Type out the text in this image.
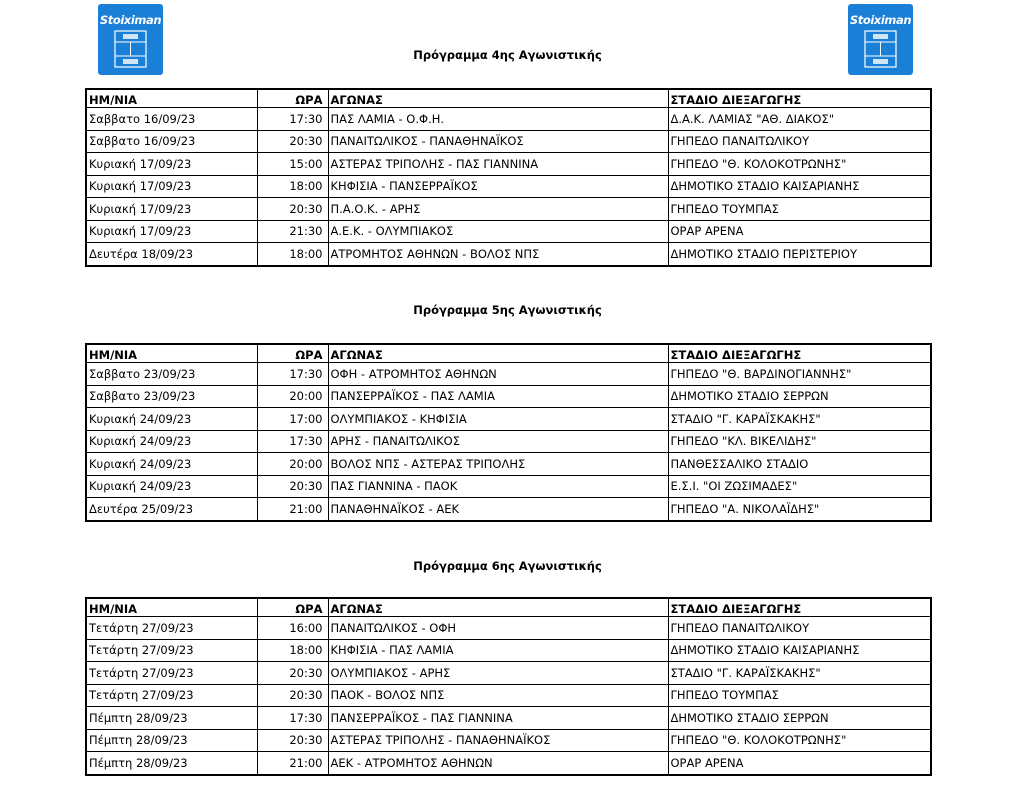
Stoiximan	Stoiximan
Πρόγραμμα 4ης Αγωνιστικής
ΗΜ/ΝΙΑ	ΩΡΑ	ΑΓΩΝΑΣ	ΣΤΑΔΙΟ ΔΙΕΞΑΓΩΓΗΣ
Σαββατο 16/09/23	17:30	ΠΑΣ ΛΑΜΙΑ - Ο.Φ.Η.	Δ.Α.Κ. ΛΑΜΙΑΣ "ΑΘ. ΔΙΑΚΟΣ"
Σαββατο 16/09/23	20:30	ΠΑΝΑΙΤΩΛΙΚΟΣ - ΠΑΝΑΘΗΝΑΪΚΟΣ	ΓΗΠΕΔΟ ΠΑΝΑΙΤΩΛΙΚΟΥ
Κυριακή 17/09/23	15:00	ΑΣΤΕΡΑΣ ΤΡΙΠΟΛΗΣ - ΠΑΣ ΓΙΑΝΝΙΝΑ	ΓΗΠΕΔΟ "Θ. ΚΟΛΟΚΟΤΡΩΝΗΣ"
Κυριακή 17/09/23	18:00	ΚΗΦΙΣΙΑ - ΠΑΝΣΕΡΡΑΪΚΟΣ	ΔΗΜΟΤΙΚΟ ΣΤΑΔΙΟ ΚΑΙΣΑΡΙΑΝΗΣ
Κυριακή 17/09/23	20:30	Π.Α.Ο.Κ. - ΑΡΗΣ	ΓΗΠΕΔΟ ΤΟΥΜΠΑΣ
Κυριακή 17/09/23	21:30	Α.Ε.Κ. - ΟΛΥΜΠΙΑΚΟΣ	ΟΡΑΡ ΑΡΕΝΑ
Δευτέρα 18/09/23	18:00	ΑΤΡΟΜΗΤΟΣ ΑΘΗΝΩΝ - ΒΟΛΟΣ ΝΠΣ	ΔΗΜΟΤΙΚΟ ΣΤΑΔΙΟ ΠΕΡΙΣΤΕΡΙΟΥ
Πρόγραμμα 5ης Αγωνιστικής
ΗΜ/ΝΙΑ	ΩΡΑ	ΑΓΩΝΑΣ	ΣΤΑΔΙΟ ΔΙΕΞΑΓΩΓΗΣ
Σαββατο 23/09/23	17:30	ΟΦΗ - ΑΤΡΟΜΗΤΟΣ ΑΘΗΝΩΝ	ΓΗΠΕΔΟ "Θ. ΒΑΡΔΙΝΟΓΙΑΝΝΗΣ"
Σαββατο 23/09/23	20:00	ΠΑΝΣΕΡΡΑΪΚΟΣ - ΠΑΣ ΛΑΜΙΑ	ΔΗΜΟΤΙΚΟ ΣΤΑΔΙΟ ΣΕΡΡΩΝ
Κυριακή 24/09/23	17:00	ΟΛΥΜΠΙΑΚΟΣ - ΚΗΦΙΣΙΑ	ΣΤΑΔΙΟ "Γ. ΚΑΡΑΪΣΚΑΚΗΣ"
Κυριακή 24/09/23	17:30	ΑΡΗΣ - ΠΑΝΑΙΤΩΛΙΚΟΣ	ΓΗΠΕΔΟ "ΚΛ. ΒΙΚΕΛΙΔΗΣ"
Κυριακή 24/09/23	20:00	ΒΟΛΟΣ ΝΠΣ - ΑΣΤΕΡΑΣ ΤΡΙΠΟΛΗΣ	ΠΑΝΘΕΣΣΑΛΙΚΟ ΣΤΑΔΙΟ
Κυριακή 24/09/23	20:30	ΠΑΣ ΓΙΑΝΝΙΝΑ - ΠΑΟΚ	Ε.Σ.Ι. "ΟΙ ΖΩΣΙΜΑΔΕΣ"
Δευτέρα 25/09/23	21:00	ΠΑΝΑΘΗΝΑΪΚΟΣ - ΑΕΚ	ΓΗΠΕΔΟ "Α. ΝΙΚΟΛΑΪΔΗΣ"
Πρόγραμμα 6ης Αγωνιστικής
ΗΜ/ΝΙΑ	ΩΡΑ	ΑΓΩΝΑΣ	ΣΤΑΔΙΟ ΔΙΕΞΑΓΩΓΗΣ
Τετάρτη 27/09/23	16:00	ΠΑΝΑΙΤΩΛΙΚΟΣ - ΟΦΗ	ΓΗΠΕΔΟ ΠΑΝΑΙΤΩΛΙΚΟΥ
Τετάρτη 27/09/23	18:00	ΚΗΦΙΣΙΑ - ΠΑΣ ΛΑΜΙΑ	ΔΗΜΟΤΙΚΟ ΣΤΑΔΙΟ ΚΑΙΣΑΡΙΑΝΗΣ
Τετάρτη 27/09/23	20:30	ΟΛΥΜΠΙΑΚΟΣ - ΑΡΗΣ	ΣΤΑΔΙΟ "Γ. ΚΑΡΑΪΣΚΑΚΗΣ"
Τετάρτη 27/09/23	20:30	ΠΑΟΚ - ΒΟΛΟΣ ΝΠΣ	ΓΗΠΕΔΟ ΤΟΥΜΠΑΣ
Πέμπτη 28/09/23	17:30	ΠΑΝΣΕΡΡΑΪΚΟΣ - ΠΑΣ ΓΙΑΝΝΙΝΑ	ΔΗΜΟΤΙΚΟ ΣΤΑΔΙΟ ΣΕΡΡΩΝ
Πέμπτη 28/09/23	20:30	ΑΣΤΕΡΑΣ ΤΡΙΠΟΛΗΣ - ΠΑΝΑΘΗΝΑΪΚΟΣ	ΓΗΠΕΔΟ "Θ. ΚΟΛΟΚΟΤΡΩΝΗΣ"
Πέμπτη 28/09/23	21:00	ΑΕΚ - ΑΤΡΟΜΗΤΟΣ ΑΘΗΝΩΝ	ΟΡΑΡ ΑΡΕΝΑ
